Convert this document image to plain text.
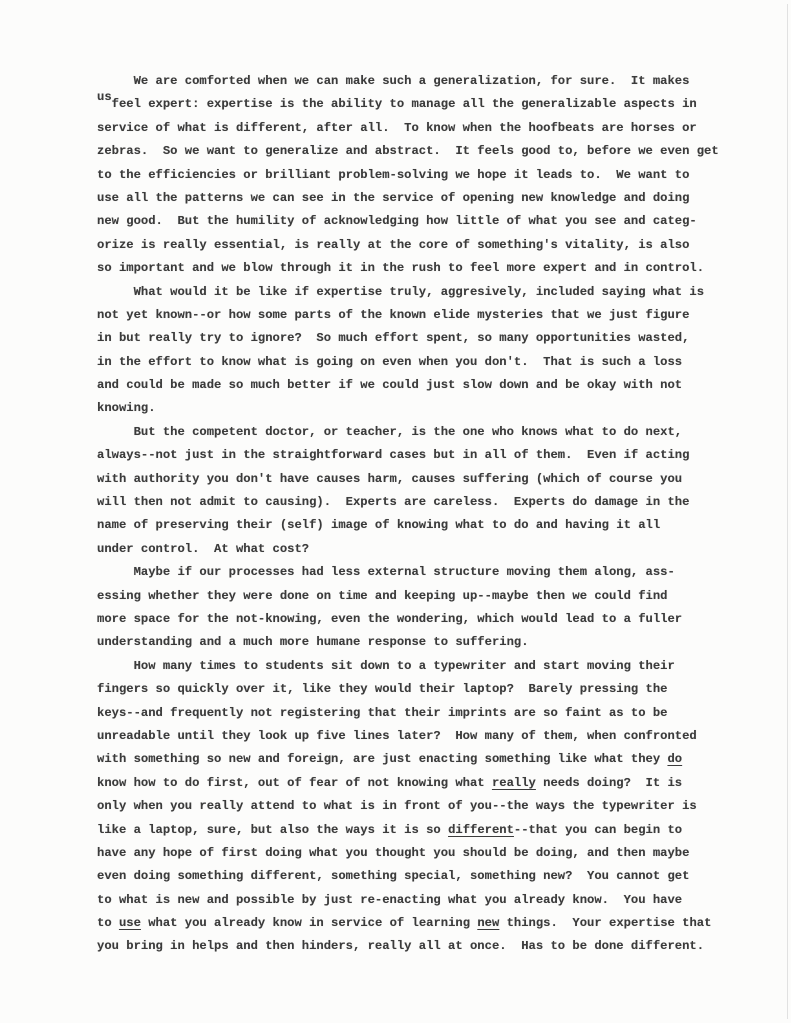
We are comforted when we can make such a generalization, for sure.  It makes
usfeel expert: expertise is the ability to manage all the generalizable aspects in
service of what is different, after all.  To know when the hoofbeats are horses or
zebras.  So we want to generalize and abstract.  It feels good to, before we even get
to the efficiencies or brilliant problem-solving we hope it leads to.  We want to
use all the patterns we can see in the service of opening new knowledge and doing
new good.  But the humility of acknowledging how little of what you see and categ-
orize is really essential, is really at the core of something's vitality, is also
so important and we blow through it in the rush to feel more expert and in control.
What would it be like if expertise truly, aggresively, included saying what is
not yet known--or how some parts of the known elide mysteries that we just figure
in but really try to ignore?  So much effort spent, so many opportunities wasted,
in the effort to know what is going on even when you don't.  That is such a loss
and could be made so much better if we could just slow down and be okay with not
knowing.
But the competent doctor, or teacher, is the one who knows what to do next,
always--not just in the straightforward cases but in all of them.  Even if acting
with authority you don't have causes harm, causes suffering (which of course you
will then not admit to causing).  Experts are careless.  Experts do damage in the
name of preserving their (self) image of knowing what to do and having it all
under control.  At what cost?
Maybe if our processes had less external structure moving them along, ass-
essing whether they were done on time and keeping up--maybe then we could find
more space for the not-knowing, even the wondering, which would lead to a fuller
understanding and a much more humane response to suffering.
How many times to students sit down to a typewriter and start moving their
fingers so quickly over it, like they would their laptop?  Barely pressing the
keys--and frequently not registering that their imprints are so faint as to be
unreadable until they look up five lines later?  How many of them, when confronted
with something so new and foreign, are just enacting something like what they do
know how to do first, out of fear of not knowing what really needs doing?  It is
only when you really attend to what is in front of you--the ways the typewriter is
like a laptop, sure, but also the ways it is so different--that you can begin to
have any hope of first doing what you thought you should be doing, and then maybe
even doing something different, something special, something new?  You cannot get
to what is new and possible by just re-enacting what you already know.  You have
to use what you already know in service of learning new things.  Your expertise that
you bring in helps and then hinders, really all at once.  Has to be done different.
